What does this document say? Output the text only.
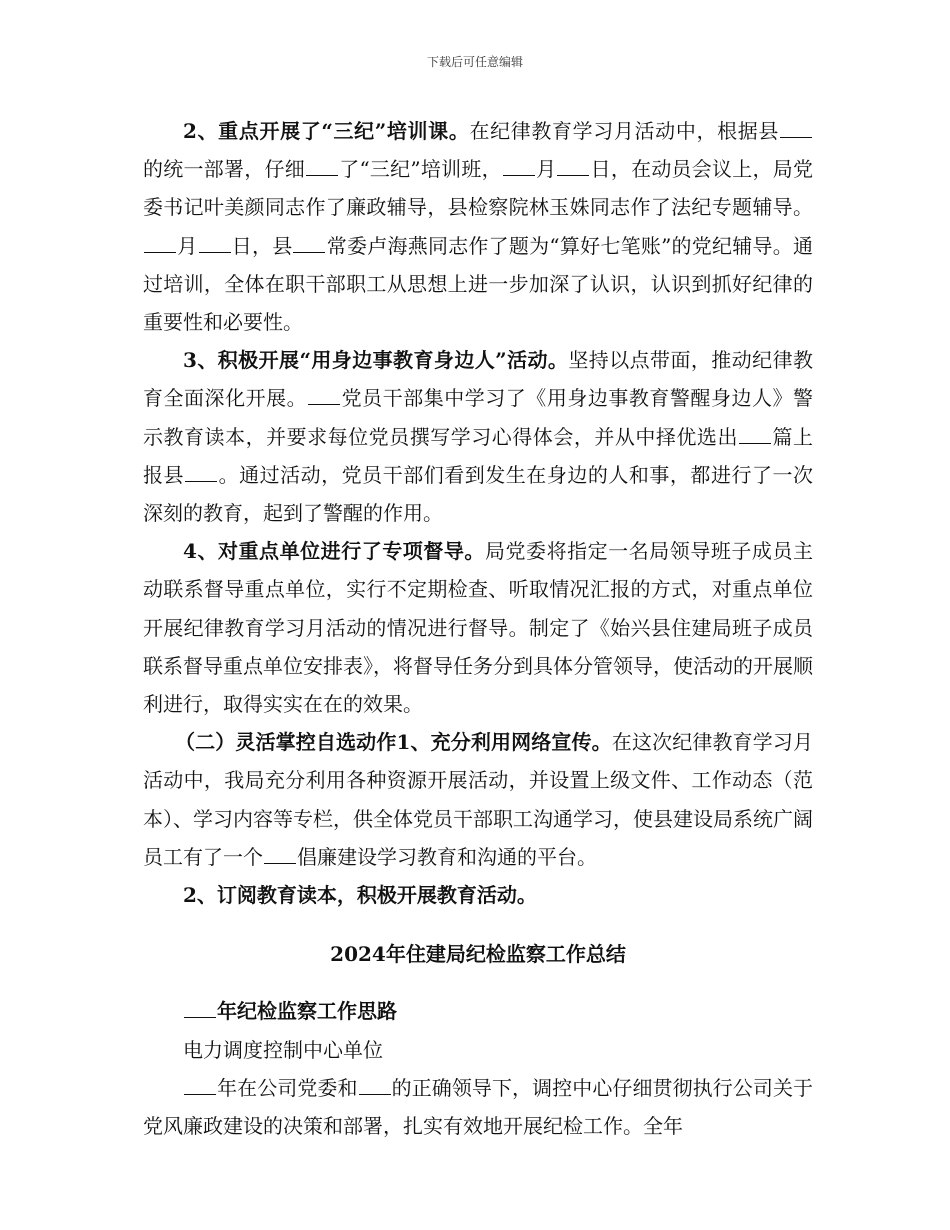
下载后可任意编辑

2、重点开展了“三纪”培训课。在纪律教育学习月活动中，根据县的统一部署，仔细 了“三纪”培训班， 月 日，在动员会议上，局党委书记叶美颜同志作了廉政辅导，县检察院林玉姝同志作了法纪专题辅导。月 日，县 常委卢海燕同志作了题为“算好七笔账”的党纪辅导。通过培训，全体在职干部职工从思想上进一步加深了认识，认识到抓好纪律的重要性和必要性。

3、积极开展“用身边事教育身边人”活动。坚持以点带面，推动纪律教育全面深化开展。 党员干部集中学习了《用身边事教育警醒身边人》警示教育读本，并要求每位党员撰写学习心得体会，并从中择优选出 篇上报县 。通过活动，党员干部们看到发生在身边的人和事，都进行了一次深刻的教育，起到了警醒的作用。

4、对重点单位进行了专项督导。局党委将指定一名局领导班子成员主动联系督导重点单位，实行不定期检查、听取情况汇报的方式，对重点单位开展纪律教育学习月活动的情况进行督导。制定了《始兴县住建局班子成员联系督导重点单位安排表》，将督导任务分到具体分管领导，使活动的开展顺利进行，取得实实在在的效果。

（二）灵活掌控自选动作1、充分利用网络宣传。在这次纪律教育学习月活动中，我局充分利用各种资源开展活动，并设置上级文件、工作动态（范本）、学习内容等专栏，供全体党员干部职工沟通学习，使县建设局系统广阔员工有了一个 倡廉建设学习教育和沟通的平台。

2、订阅教育读本，积极开展教育活动。

2024年住建局纪检监察工作总结

年纪检监察工作思路

电力调度控制中心单位

年在公司党委和 的正确领导下，调控中心仔细贯彻执行公司关于党风廉政建设的决策和部署，扎实有效地开展纪检工作。全年
